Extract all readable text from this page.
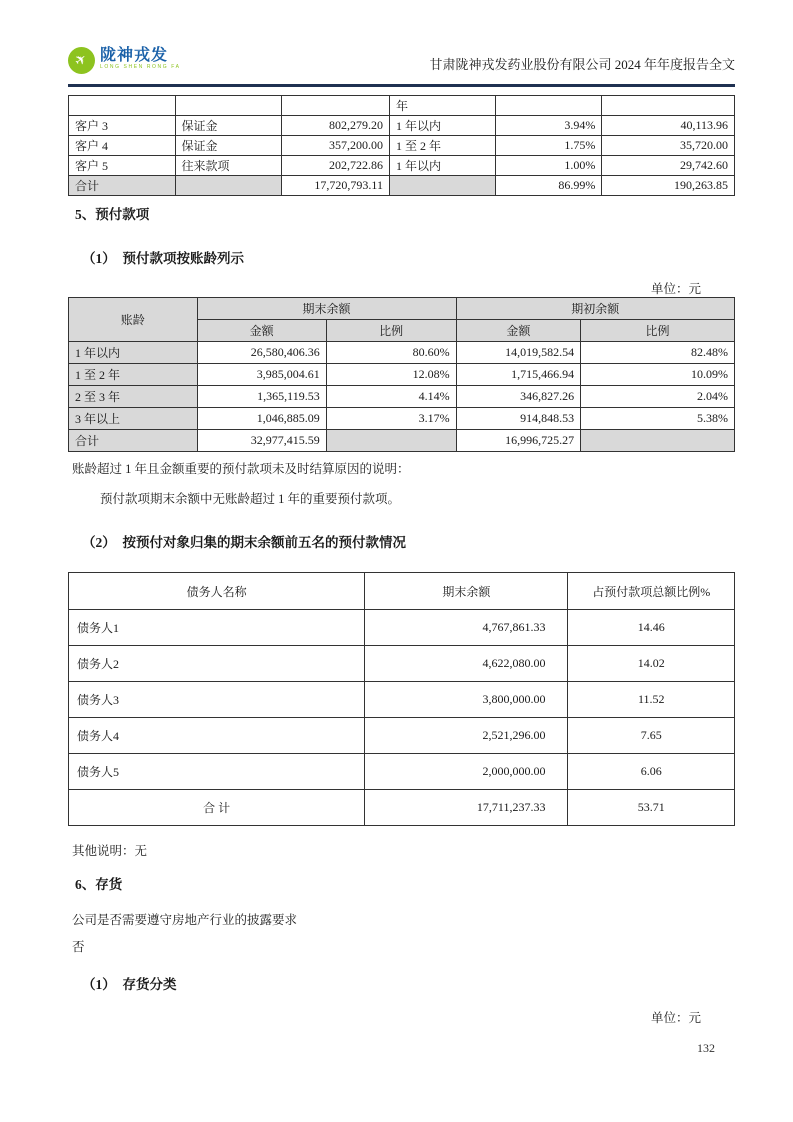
✈ 陇神戎发
LONG SHEN RONG FA	甘肃陇神戎发药业股份有限公司 2024 年年度报告全文
			年		
客户 3	保证金	802,279.20	1 年以内	3.94%	40,113.96
客户 4	保证金	357,200.00	1 至 2 年	1.75%	35,720.00
客户 5	往来款项	202,722.86	1 年以内	1.00%	29,742.60
合计		17,720,793.11		86.99%	190,263.85
5、预付款项
（1）  预付款项按账龄列示
单位：元
账龄	期末余额		期初余额	
	金额	比例	金额	比例
1 年以内	26,580,406.36	80.60%	14,019,582.54	82.48%
1 至 2 年	3,985,004.61	12.08%	1,715,466.94	10.09%
2 至 3 年	1,365,119.53	4.14%	346,827.26	2.04%
3 年以上	1,046,885.09	3.17%	914,848.53	5.38%
合计	32,977,415.59		16,996,725.27	
账龄超过 1 年且金额重要的预付款项未及时结算原因的说明：
预付款项期末余额中无账龄超过 1 年的重要预付款项。
（2）  按预付对象归集的期末余额前五名的预付款情况
债务人名称	期末余额	占预付款项总额比例%
债务人1	4,767,861.33	14.46
债务人2	4,622,080.00	14.02
债务人3	3,800,000.00	11.52
债务人4	2,521,296.00	7.65
债务人5	2,000,000.00	6.06
合 计	17,711,237.33	53.71
其他说明：无
6、存货
公司是否需要遵守房地产行业的披露要求
否
（1）  存货分类
单位：元
132
